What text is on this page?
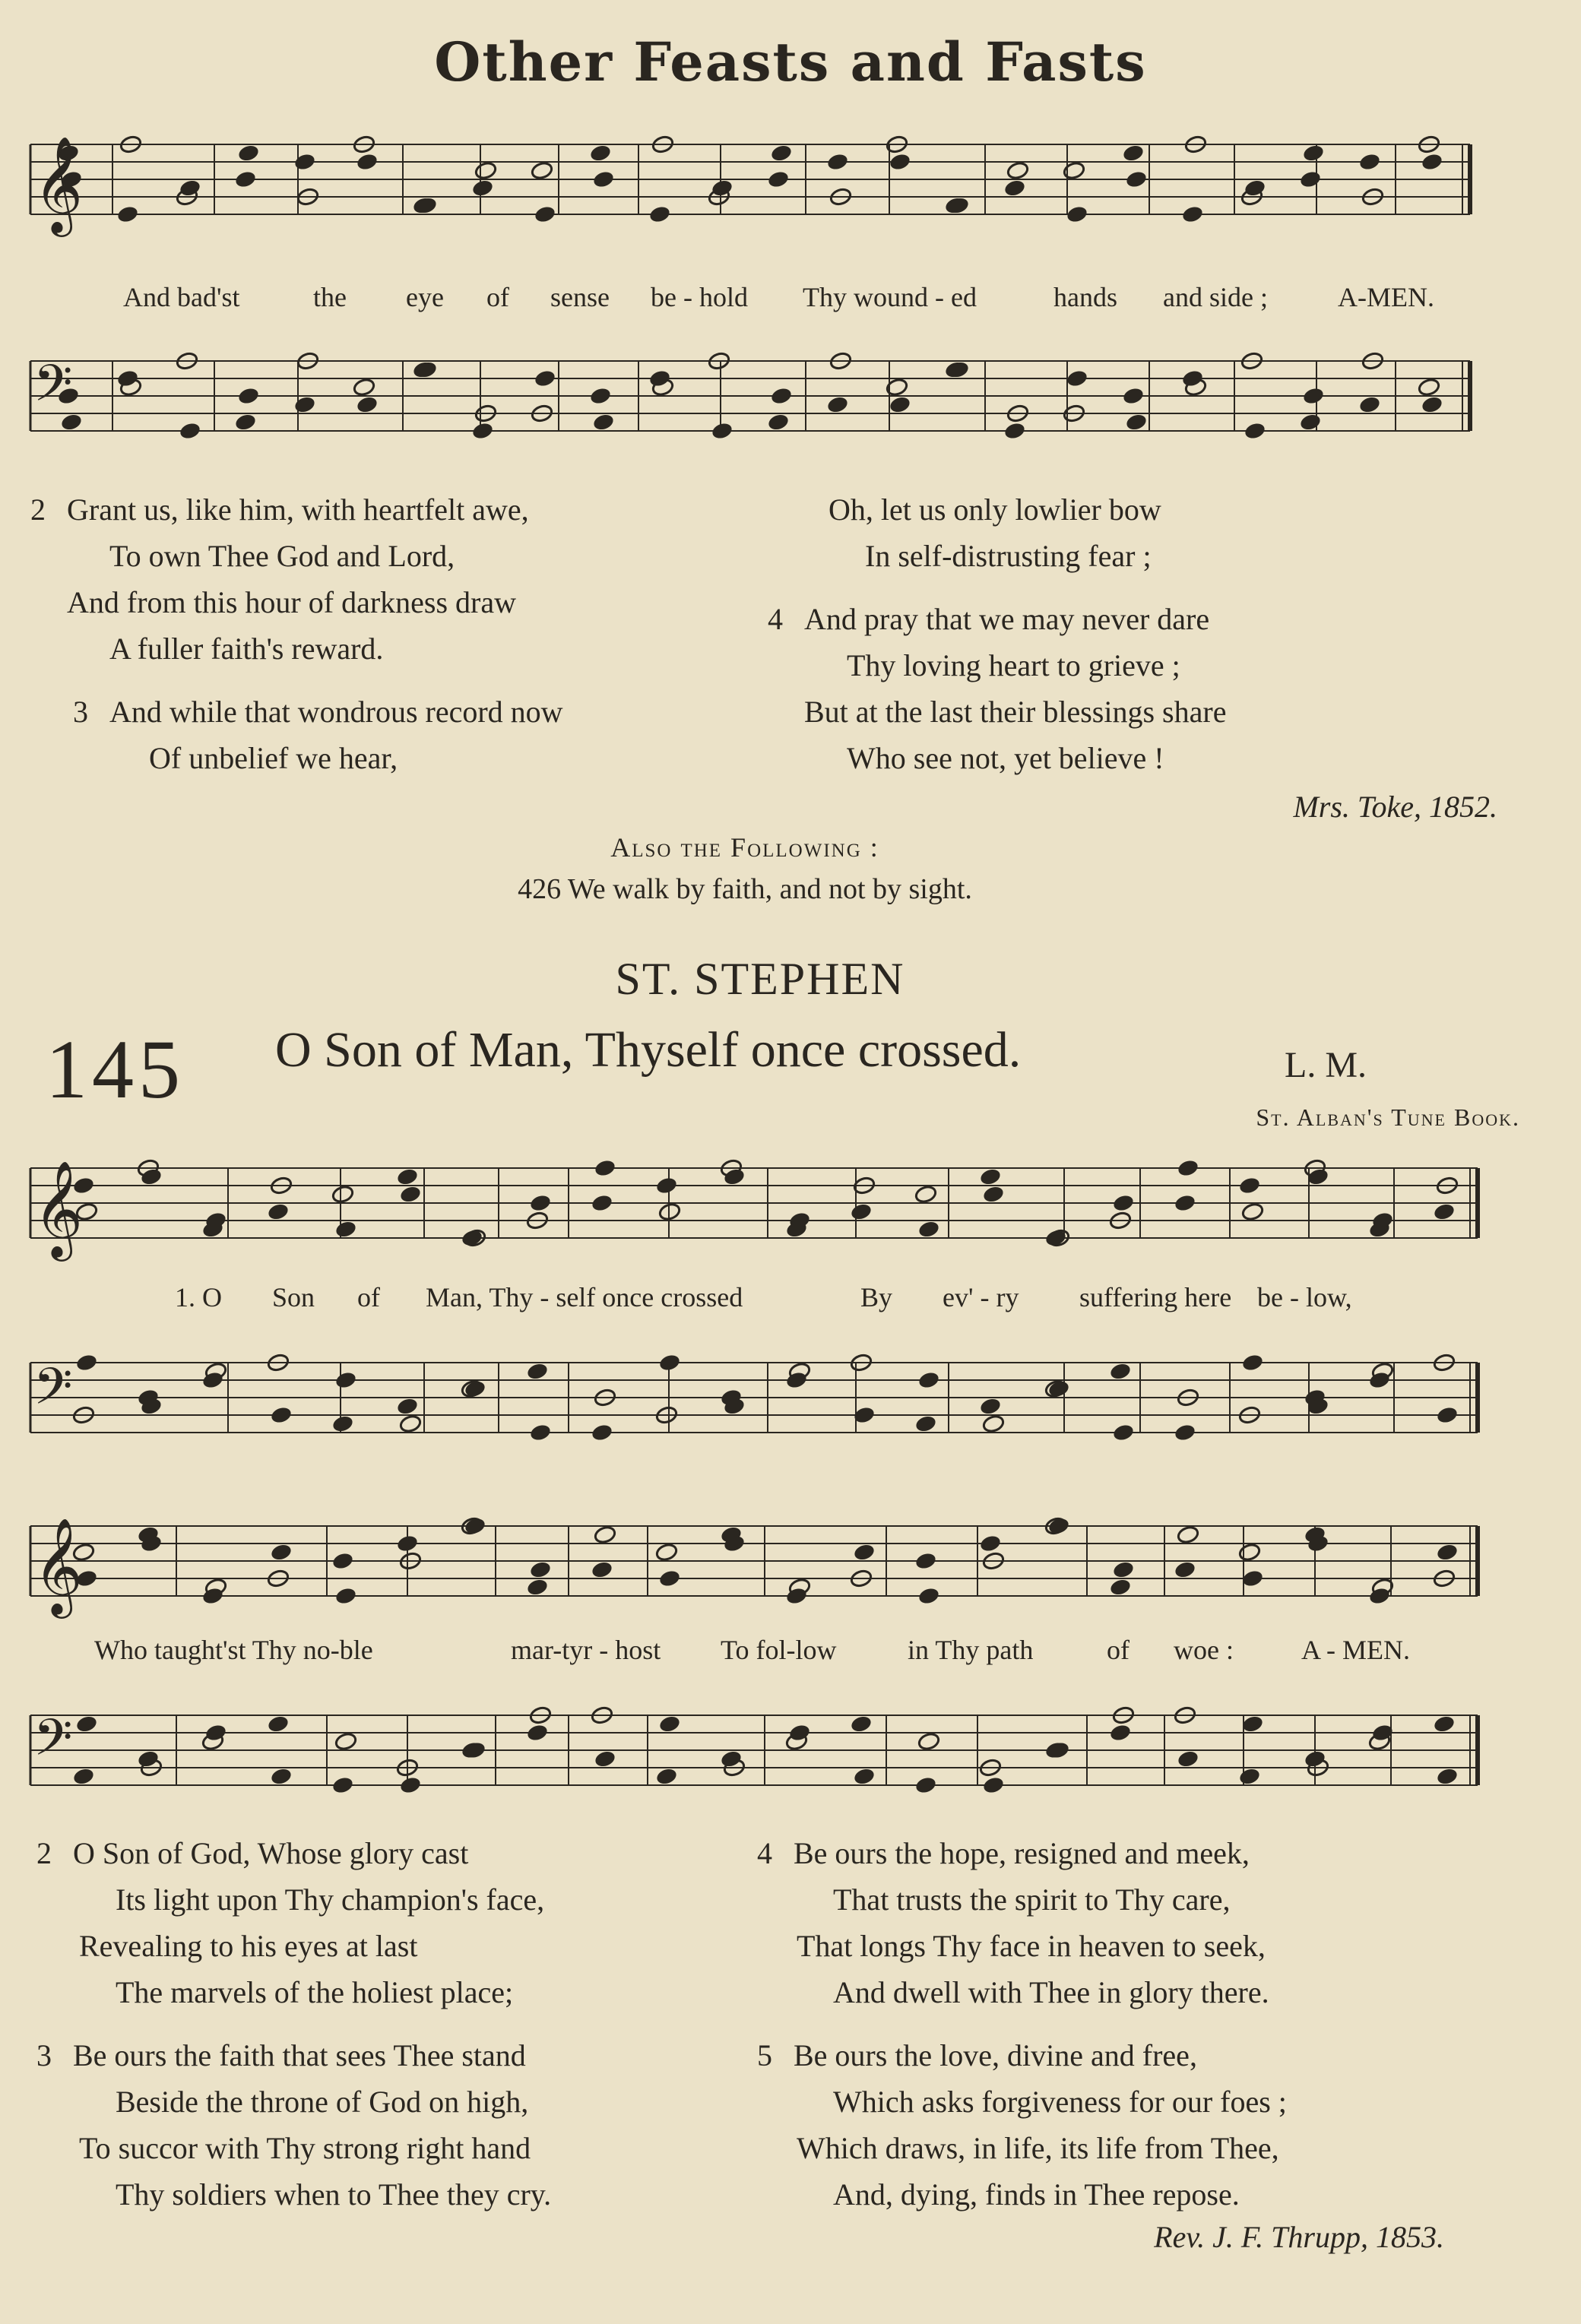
Other Feasts and Fasts
𝄞
𝄢
𝄞
𝄢
𝄞
𝄢
And bad'st	the eye of sense be - hold Thy wound - ed	hands and side ;	A-MEN.
2 Grant us, like him, with heartfelt awe,
To own Thee God and Lord,
And from this hour of darkness draw
A fuller faith's reward.
3 And while that wondrous record now
Of unbelief we hear,
Oh, let us only lowlier bow
In self-distrusting fear ;
4 And pray that we may never dare
Thy loving heart to grieve ;
But at the last their blessings share
Who see not, yet believe !
Mrs. Toke, 1852.
Also the Following :
426 We walk by faith, and not by sight.
ST. STEPHEN
145 O Son of Man, Thyself once crossed.	L. M.
St. Alban's Tune Book.
1. O Son of Man, Thy - self once crossed	By ev' - ry suffering here be - low,
Who taught'st Thy no-ble	mar-tyr - host To fol-low	in Thy path	of woe : A - MEN.
2 O Son of God, Whose glory cast
Its light upon Thy champion's face,
Revealing to his eyes at last
The marvels of the holiest place;
3 Be ours the faith that sees Thee stand
Beside the throne of God on high,
To succor with Thy strong right hand
Thy soldiers when to Thee they cry.
4 Be ours the hope, resigned and meek,
That trusts the spirit to Thy care,
That longs Thy face in heaven to seek,
And dwell with Thee in glory there.
5 Be ours the love, divine and free,
Which asks forgiveness for our foes ;
Which draws, in life, its life from Thee,
And, dying, finds in Thee repose.
Rev. J. F. Thrupp, 1853.
